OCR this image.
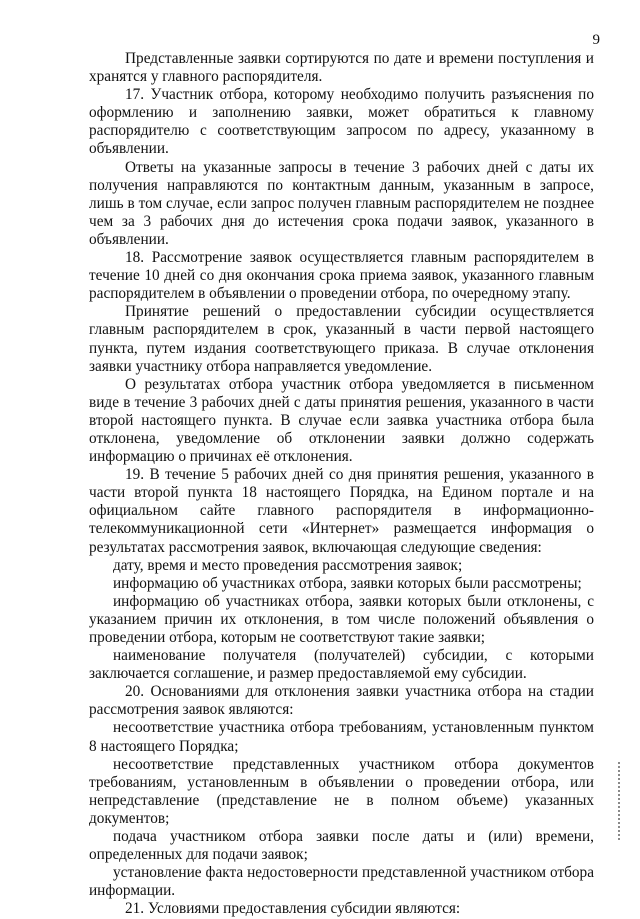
9

Представленные заявки сортируются по дате и времени поступления и хранятся у главного распорядителя.

17. Участник отбора, которому необходимо получить разъяснения по оформлению и заполнению заявки, может обратиться к главному распорядителю с соответствующим запросом по адресу, указанному в объявлении.

Ответы на указанные запросы в течение 3 рабочих дней с даты их получения направляются по контактным данным, указанным в запросе, лишь в том случае, если запрос получен главным распорядителем не позднее чем за 3 рабочих дня до истечения срока подачи заявок, указанного в объявлении.

18. Рассмотрение заявок осуществляется главным распорядителем в течение 10 дней со дня окончания срока приема заявок, указанного главным распорядителем в объявлении о проведении отбора, по очередному этапу.

Принятие решений о предоставлении субсидии осуществляется главным распорядителем в срок, указанный в части первой настоящего пункта, путем издания соответствующего приказа. В случае отклонения заявки участнику отбора направляется уведомление.

О результатах отбора участник отбора уведомляется в письменном виде в течение 3 рабочих дней с даты принятия решения, указанного в части второй настоящего пункта. В случае если заявка участника отбора была отклонена, уведомление об отклонении заявки должно содержать информацию о причинах её отклонения.

19. В течение 5 рабочих дней со дня принятия решения, указанного в части второй пункта 18 настоящего Порядка, на Едином портале и на официальном сайте главного распорядителя в информационно-телекоммуникационной сети «Интернет» размещается информация о результатах рассмотрения заявок, включающая следующие сведения:

дату, время и место проведения рассмотрения заявок;

информацию об участниках отбора, заявки которых были рассмотрены;

информацию об участниках отбора, заявки которых были отклонены, с указанием причин их отклонения, в том числе положений объявления о проведении отбора, которым не соответствуют такие заявки;

наименование получателя (получателей) субсидии, с которыми заключается соглашение, и размер предоставляемой ему субсидии.

20. Основаниями для отклонения заявки участника отбора на стадии рассмотрения заявок являются:

несоответствие участника отбора требованиям, установленным пунктом 8 настоящего Порядка;

несоответствие представленных участником отбора документов требованиям, установленным в объявлении о проведении отбора, или непредставление (представление не в полном объеме) указанных документов;

подача участником отбора заявки после даты и (или) времени, определенных для подачи заявок;

установление факта недостоверности представленной участником отбора информации.

21. Условиями предоставления субсидии являются:
